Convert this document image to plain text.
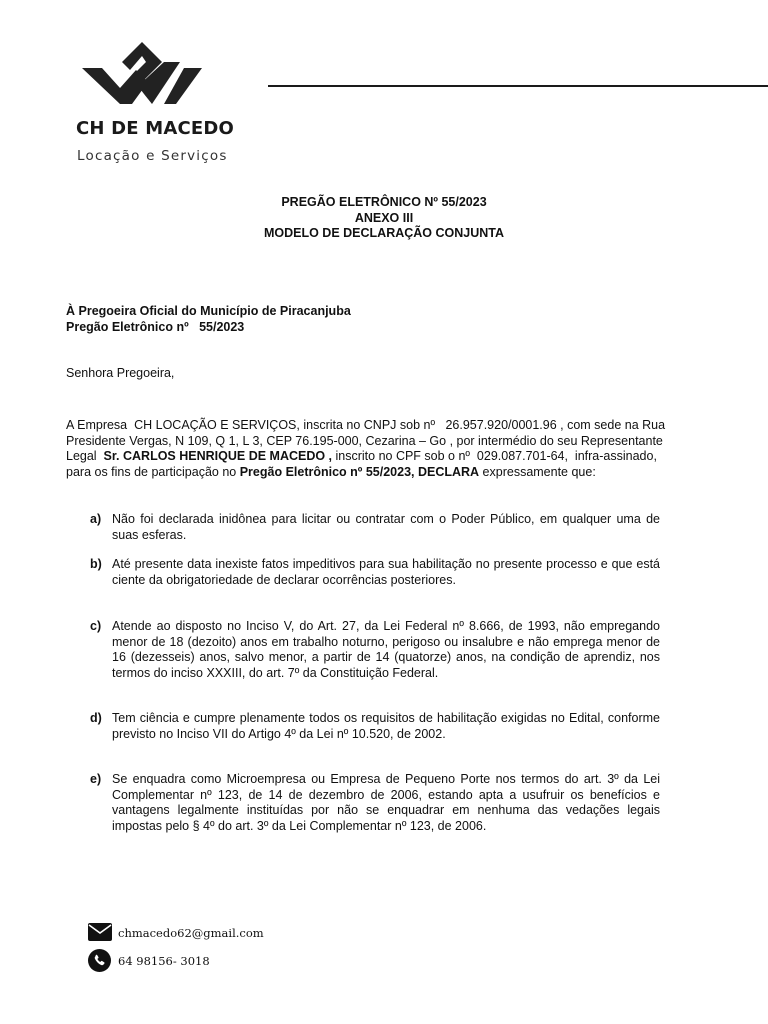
CH DE MACEDO
Locação e Serviços
PREGÃO ELETRÔNICO Nº 55/2023
ANEXO III
MODELO DE DECLARAÇÃO CONJUNTA
À Pregoeira Oficial do Município de Piracanjuba
Pregão Eletrônico nº   55/2023
Senhora Pregoeira,
A Empresa  CH LOCAÇÃO E SERVIÇOS, inscrita no CNPJ sob nº   26.957.920/0001.96 , com sede na Rua Presidente Vergas, N 109, Q 1, L 3, CEP 76.195-000, Cezarina – Go , por intermédio do seu Representante Legal  Sr. CARLOS HENRIQUE DE MACEDO , inscrito no CPF sob o nº  029.087.701-64,  infra-assinado, para os fins de participação no Pregão Eletrônico nº 55/2023, DECLARA expressamente que:
a) Não foi declarada inidônea para licitar ou contratar com o Poder Público, em qualquer uma de suas esferas.
b) Até presente data inexiste fatos impeditivos para sua habilitação no presente processo e que está ciente da obrigatoriedade de declarar ocorrências posteriores.
c) Atende ao disposto no Inciso V, do Art. 27, da Lei Federal nº 8.666, de 1993, não empregando menor de 18 (dezoito) anos em trabalho noturno, perigoso ou insalubre e não emprega menor de 16 (dezesseis) anos, salvo menor, a partir de 14 (quatorze) anos, na condição de aprendiz, nos termos do inciso XXXIII, do art. 7º da Constituição Federal.
d) Tem ciência e cumpre plenamente todos os requisitos de habilitação exigidas no Edital, conforme previsto no Inciso VII do Artigo 4º da Lei nº 10.520, de 2002.
e) Se enquadra como Microempresa ou Empresa de Pequeno Porte nos termos do art. 3º da Lei Complementar nº 123, de 14 de dezembro de 2006, estando apta a usufruir os benefícios e vantagens legalmente instituídas por não se enquadrar em nenhuma das vedações legais impostas pelo § 4º do art. 3º da Lei Complementar nº 123, de 2006.
chmacedo62@gmail.com
64 98156- 3018
